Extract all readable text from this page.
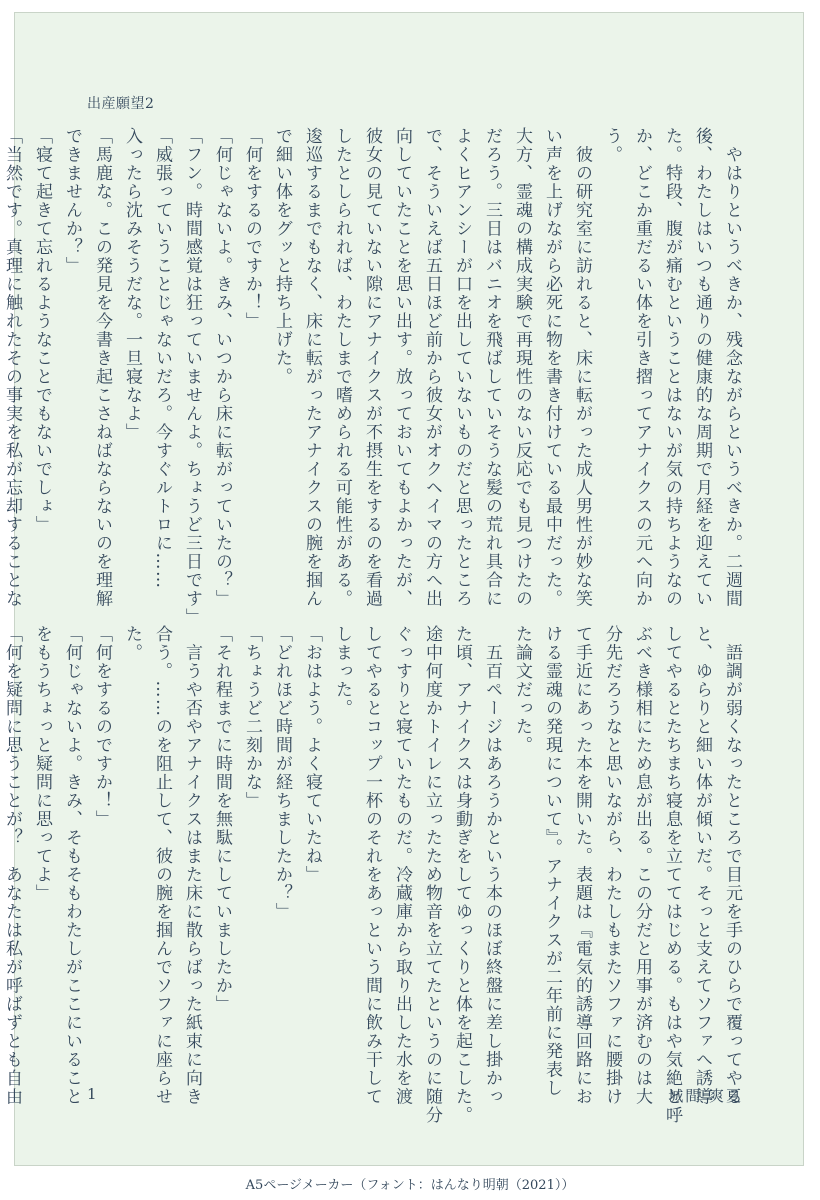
出産願望2
　やはりというべきか、残念ながらというべきか。二週間
後、わたしはいつも通りの健康的な周期で月経を迎えてい
た。特段、腹が痛むということはないが気の持ちようなの
か、どこか重だるい体を引き摺ってアナイクスの元へ向か
う。
　彼の研究室に訪れると、床に転がった成人男性が妙な笑
い声を上げながら必死に物を書き付けている最中だった。
大方、霊魂の構成実験で再現性のない反応でも見つけたの
だろう。三日はバニオを飛ばしていそうな髪の荒れ具合に
よくヒアンシーが口を出していないものだと思ったところ
で、そういえば五日ほど前から彼女がオクヘイマの方へ出
向していたことを思い出す。放っておいてもよかったが、
彼女の見ていない隙にアナイクスが不摂生をするのを看過
したとしられれば、わたしまで嗜められる可能性がある。
逡巡するまでもなく、床に転がったアナイクスの腕を掴ん
で細い体をグッと持ち上げた。
「何をするのですか！」
「何じゃないよ。きみ、いつから床に転がっていたの？」
「フン。時間感覚は狂っていませんよ。ちょうど三日です」
「威張っていうことじゃないだろ。今すぐルトロに……
入ったら沈みそうだな。一旦寝なよ」
「馬鹿な。この発見を今書き起こさねばならないのを理解
できませんか？」
「寝て起きて忘れるようなことでもないでしょ」
「当然です。真理に触れたその事実を私が忘却することな

　語調が弱くなったところで目元を手のひらで覆ってやる
と、ゆらりと細い体が傾いだ。そっと支えてソファへ誘導
してやるとたちまち寝息を立ててはじめる。もはや気絶と呼
ぶべき様相にため息が出る。この分だと用事が済むのは大
分先だろうなと思いながら、わたしもまたソファに腰掛け
て手近にあった本を開いた。表題は『電気的誘導回路にお
ける霊魂の発現について』。アナイクスが二年前に発表し
た論文だった。
　五百ページはあろうかという本のほぼ終盤に差し掛かっ
た頃、アナイクスは身動ぎをしてゆっくりと体を起こした。
途中何度かトイレに立ったため物音を立てたというのに随分
ぐっすりと寝ていたものだ。冷蔵庫から取り出した水を渡
してやるとコップ一杯のそれをあっという間に飲み干して
しまった。
「おはよう。よく寝ていたね」
「どれほど時間が経ちましたか？」
「ちょうど二刻かな」
「それ程までに時間を無駄にしていましたか」
　言うや否やアナイクスはまた床に散らばった紙束に向き
合う。……のを阻止して、彼の腕を掴んでソファに座らせ
た。
「何をするのですか！」
「何じゃないよ。きみ、そもそもわたしがここにいること
をもうちょっと疑問に思ってよ」
「何を疑問に思うことが？　あなたは私が呼ばずとも自由

　	1	城間 爽夏
A5ページメーカー（フォント：はんなり明朝（2021））
